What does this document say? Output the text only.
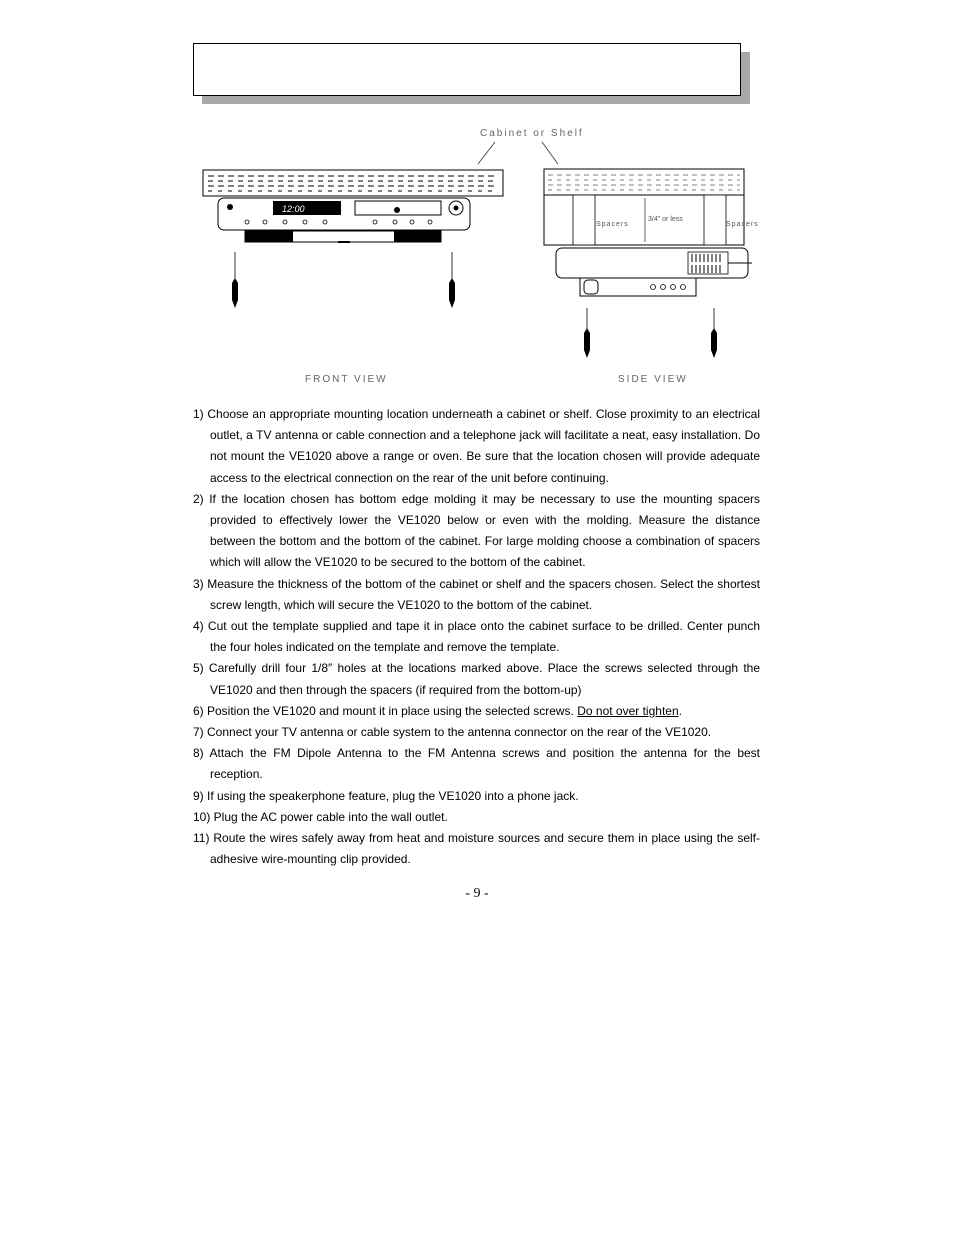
Cabinet or Shelf
12:00
FRONT VIEW
Spacers	Spacers
3/4" or less
SIDE VIEW
1) Choose an appropriate mounting location underneath a cabinet or shelf. Close proximity to an electrical outlet, a TV antenna or cable connection and a telephone jack will facilitate a neat, easy installation. Do not mount the VE1020 above a range or oven. Be sure that the location chosen will provide adequate access to the electrical connection on the rear of the unit before continuing.
2) If the location chosen has bottom edge molding it may be necessary to use the mounting spacers provided to effectively lower the VE1020 below or even with the molding. Measure the distance between the bottom and the bottom of the cabinet. For large molding choose a combination of spacers which will allow the VE1020 to be secured to the bottom of the cabinet.
3) Measure the thickness of the bottom of the cabinet or shelf and the spacers chosen. Select the shortest screw length, which will secure the VE1020 to the bottom of the cabinet.
4) Cut out the template supplied and tape it in place onto the cabinet surface to be drilled. Center punch the four holes indicated on the template and remove the template.
5) Carefully drill four 1/8″ holes at the locations marked above. Place the screws selected through the VE1020 and then through the spacers (if required from the bottom-up)
6) Position the VE1020 and mount it in place using the selected screws. Do not over tighten.
7) Connect your TV antenna or cable system to the antenna connector on the rear of the VE1020.
8) Attach the FM Dipole Antenna to the FM Antenna screws and position the antenna for the best reception.
9) If using the speakerphone feature, plug the VE1020 into a phone jack.
10) Plug the AC power cable into the wall outlet.
11) Route the wires safely away from heat and moisture sources and secure them in place using the self-adhesive wire-mounting clip provided.
- 9 -
